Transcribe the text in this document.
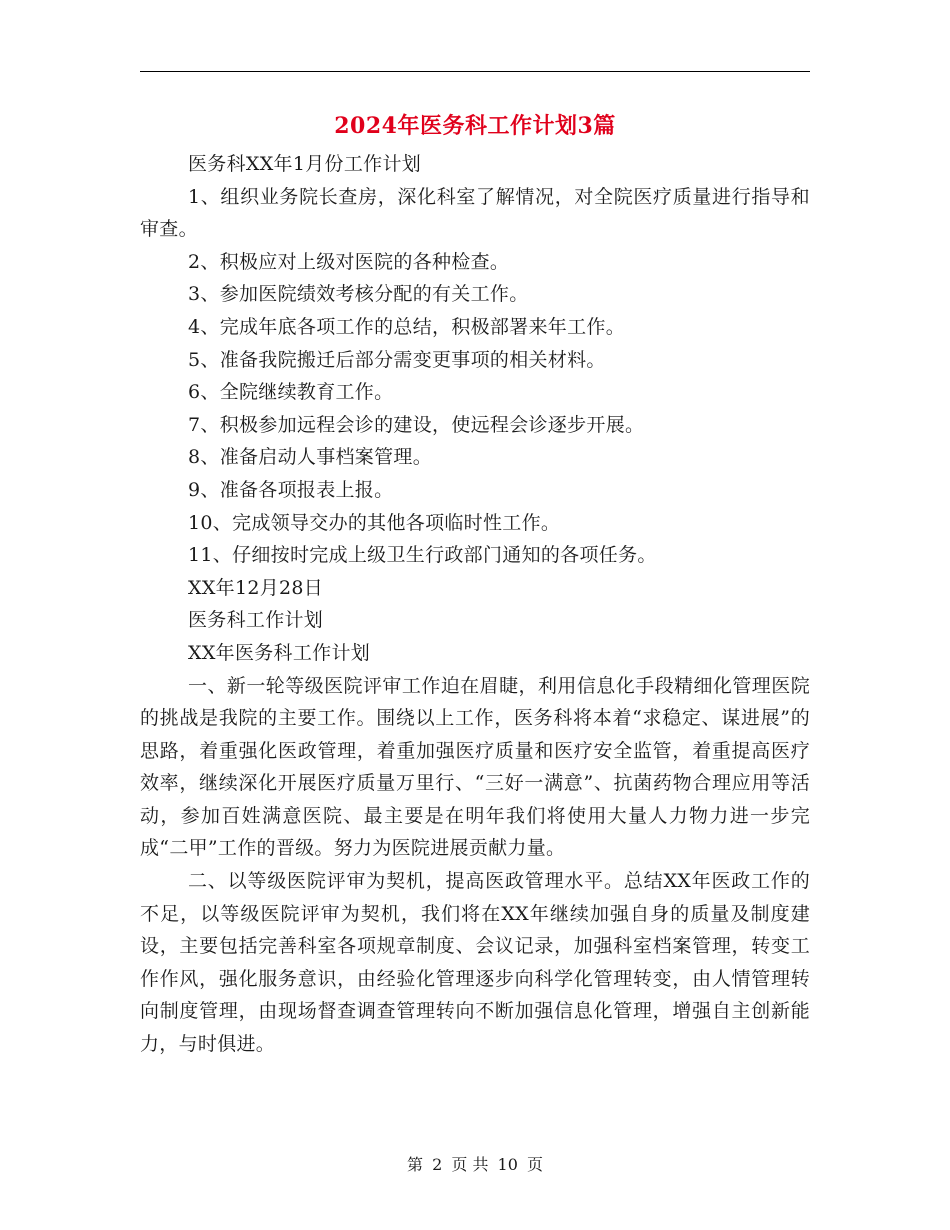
2024年医务科工作计划3篇

医务科XX年1月份工作计划

1、组织业务院长查房，深化科室了解情况，对全院医疗质量进行指导和审查。

2、积极应对上级对医院的各种检查。

3、参加医院绩效考核分配的有关工作。

4、完成年底各项工作的总结，积极部署来年工作。

5、准备我院搬迁后部分需变更事项的相关材料。

6、全院继续教育工作。

7、积极参加远程会诊的建设，使远程会诊逐步开展。

8、准备启动人事档案管理。

9、准备各项报表上报。

10、完成领导交办的其他各项临时性工作。

11、仔细按时完成上级卫生行政部门通知的各项任务。

XX年12月28日

医务科工作计划

XX年医务科工作计划

一、新一轮等级医院评审工作迫在眉睫，利用信息化手段精细化管理医院的挑战是我院的主要工作。围绕以上工作，医务科将本着“求稳定、谋进展”的思路，着重强化医政管理，着重加强医疗质量和医疗安全监管，着重提高医疗效率，继续深化开展医疗质量万里行、“三好一满意”、抗菌药物合理应用等活动，参加百姓满意医院、最主要是在明年我们将使用大量人力物力进一步完成“二甲”工作的晋级。努力为医院进展贡献力量。

二、以等级医院评审为契机，提高医政管理水平。总结XX年医政工作的不足，以等级医院评审为契机，我们将在XX年继续加强自身的质量及制度建设，主要包括完善科室各项规章制度、会议记录，加强科室档案管理，转变工作作风，强化服务意识，由经验化管理逐步向科学化管理转变，由人情管理转向制度管理，由现场督查调查管理转向不断加强信息化管理，增强自主创新能力，与时俱进。

第 2 页 共 10 页
